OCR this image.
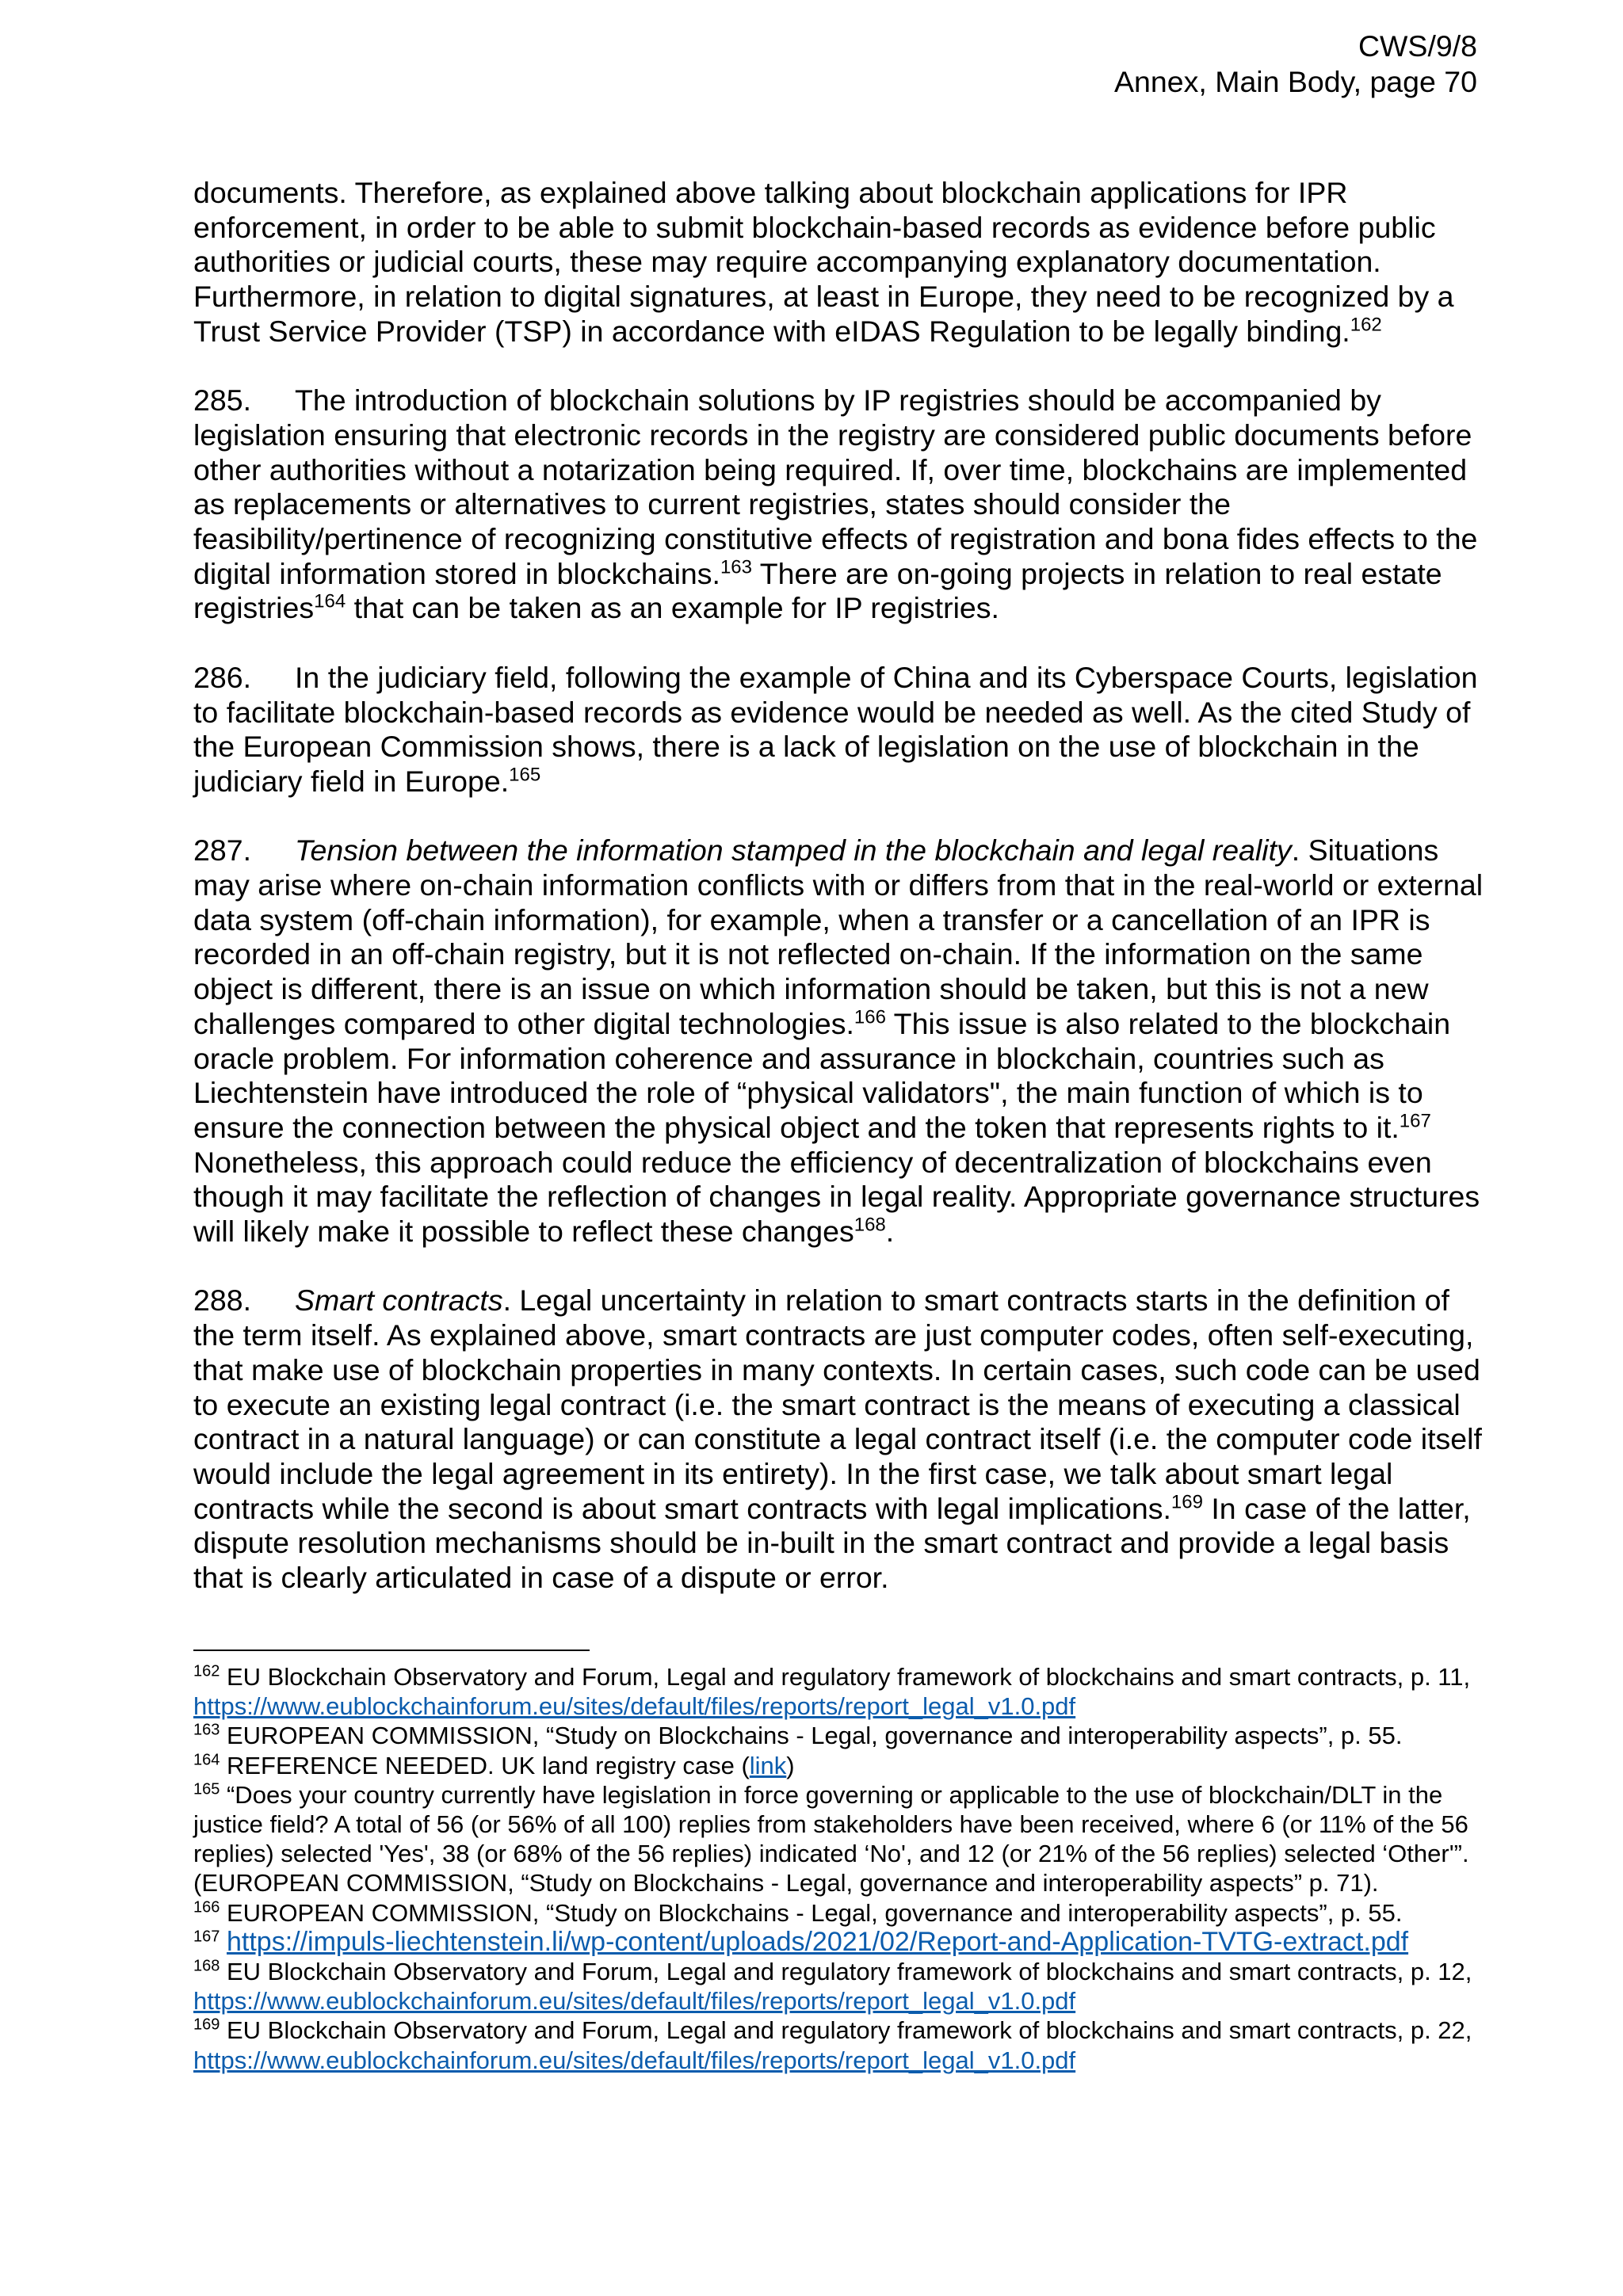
CWS/9/8
Annex, Main Body, page 70

documents. Therefore, as explained above talking about blockchain applications for IPR enforcement, in order to be able to submit blockchain-based records as evidence before public authorities or judicial courts, these may require accompanying explanatory documentation. Furthermore, in relation to digital signatures, at least in Europe, they need to be recognized by a Trust Service Provider (TSP) in accordance with eIDAS Regulation to be legally binding.$^{162}$

285. The introduction of blockchain solutions by IP registries should be accompanied by legislation ensuring that electronic records in the registry are considered public documents before other authorities without a notarization being required. If, over time, blockchains are implemented as replacements or alternatives to current registries, states should consider the feasibility/pertinence of recognizing constitutive effects of registration and bona fides effects to the digital information stored in blockchains.$^{163}$ There are on-going projects in relation to real estate registries$^{164}$ that can be taken as an example for IP registries.

286. In the judiciary field, following the example of China and its Cyberspace Courts, legislation to facilitate blockchain-based records as evidence would be needed as well. As the cited Study of the European Commission shows, there is a lack of legislation on the use of blockchain in the judiciary field in Europe.$^{165}$

287. Tension between the information stamped in the blockchain and legal reality. Situations may arise where on-chain information conflicts with or differs from that in the real-world or external data system (off-chain information), for example, when a transfer or a cancellation of an IPR is recorded in an off-chain registry, but it is not reflected on-chain. If the information on the same object is different, there is an issue on which information should be taken, but this is not a new challenges compared to other digital technologies.$^{166}$ This issue is also related to the blockchain oracle problem. For information coherence and assurance in blockchain, countries such as Liechtenstein have introduced the role of “physical validators", the main function of which is to ensure the connection between the physical object and the token that represents rights to it.$^{167}$ Nonetheless, this approach could reduce the efficiency of decentralization of blockchains even though it may facilitate the reflection of changes in legal reality. Appropriate governance structures will likely make it possible to reflect these changes$^{168}$.

288. Smart contracts. Legal uncertainty in relation to smart contracts starts in the definition of the term itself. As explained above, smart contracts are just computer codes, often self-executing, that make use of blockchain properties in many contexts. In certain cases, such code can be used to execute an existing legal contract (i.e. the smart contract is the means of executing a classical contract in a natural language) or can constitute a legal contract itself (i.e. the computer code itself would include the legal agreement in its entirety). In the first case, we talk about smart legal contracts while the second is about smart contracts with legal implications.$^{169}$ In case of the latter, dispute resolution mechanisms should be in-built in the smart contract and provide a legal basis that is clearly articulated in case of a dispute or error.

$^{162}$ EU Blockchain Observatory and Forum, Legal and regulatory framework of blockchains and smart contracts, p. 11, https://www.eublockchainforum.eu/sites/default/files/reports/report_legal_v1.0.pdf
$^{163}$ EUROPEAN COMMISSION, “Study on Blockchains - Legal, governance and interoperability aspects”, p. 55.
$^{164}$ REFERENCE NEEDED. UK land registry case (link)
$^{165}$ “Does your country currently have legislation in force governing or applicable to the use of blockchain/DLT in the justice field? A total of 56 (or 56% of all 100) replies from stakeholders have been received, where 6 (or 11% of the 56 replies) selected 'Yes', 38 (or 68% of the 56 replies) indicated ‘No', and 12 (or 21% of the 56 replies) selected ‘Other'”. (EUROPEAN COMMISSION, “Study on Blockchains - Legal, governance and interoperability aspects” p. 71).
$^{166}$ EUROPEAN COMMISSION, “Study on Blockchains - Legal, governance and interoperability aspects”, p. 55.
$^{167}$ https://impuls-liechtenstein.li/wp-content/uploads/2021/02/Report-and-Application-TVTG-extract.pdf
$^{168}$ EU Blockchain Observatory and Forum, Legal and regulatory framework of blockchains and smart contracts, p. 12, https://www.eublockchainforum.eu/sites/default/files/reports/report_legal_v1.0.pdf
$^{169}$ EU Blockchain Observatory and Forum, Legal and regulatory framework of blockchains and smart contracts, p. 22, https://www.eublockchainforum.eu/sites/default/files/reports/report_legal_v1.0.pdf
